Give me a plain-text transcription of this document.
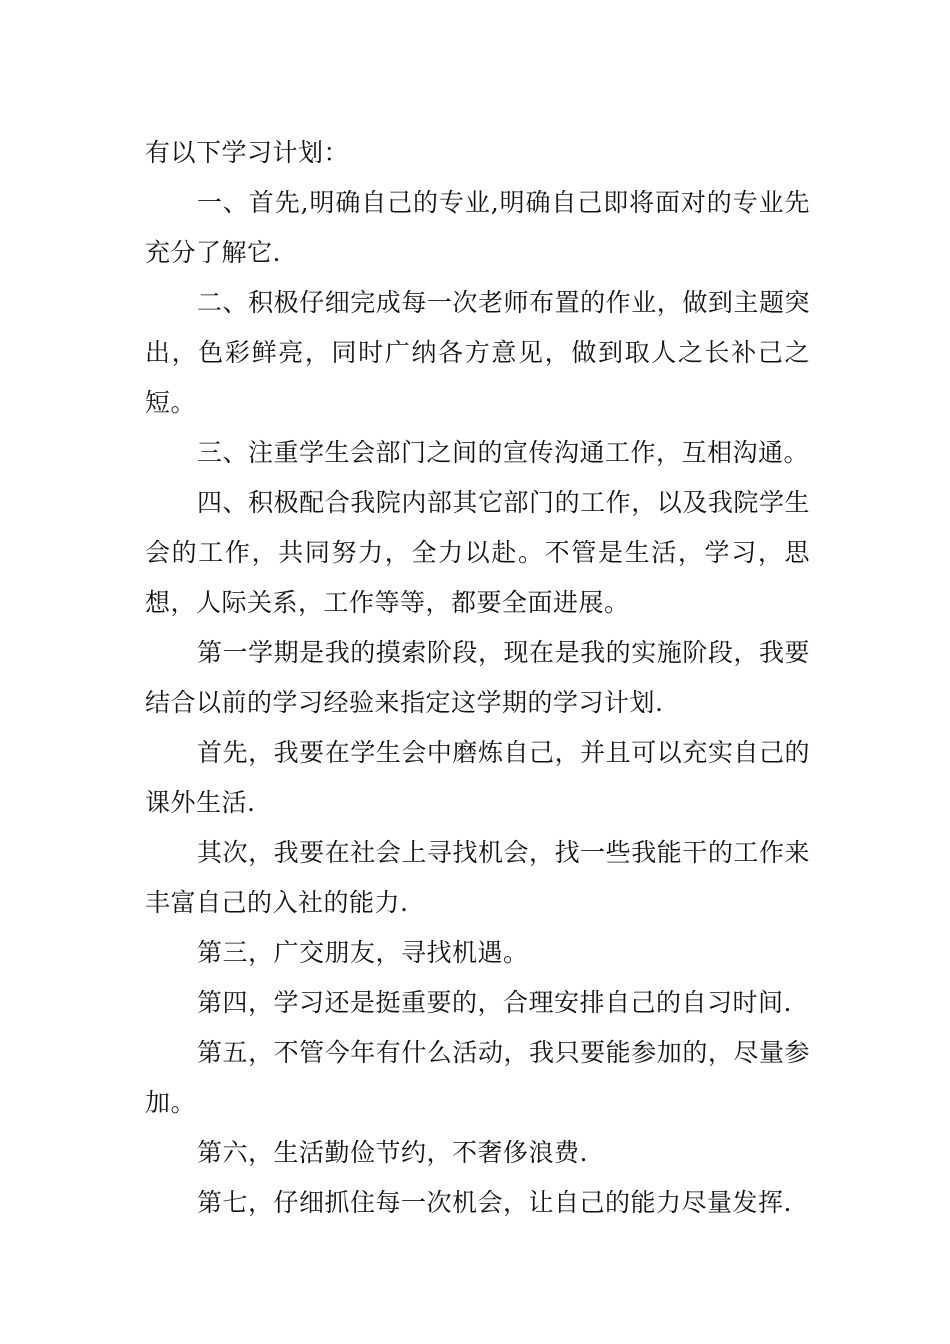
有以下学习计划：

一、首先,明确自己的专业,明确自己即将面对的专业先充分了解它.

二、积极仔细完成每一次老师布置的作业，做到主题突出，色彩鲜亮，同时广纳各方意见，做到取人之长补己之短。

三、注重学生会部门之间的宣传沟通工作，互相沟通。

四、积极配合我院内部其它部门的工作，以及我院学生会的工作，共同努力，全力以赴。不管是生活，学习，思想，人际关系，工作等等，都要全面进展。

第一学期是我的摸索阶段，现在是我的实施阶段，我要结合以前的学习经验来指定这学期的学习计划.

首先，我要在学生会中磨炼自己，并且可以充实自己的课外生活.

其次，我要在社会上寻找机会，找一些我能干的工作来丰富自己的入社的能力.

第三，广交朋友，寻找机遇。

第四，学习还是挺重要的，合理安排自己的自习时间.

第五，不管今年有什么活动，我只要能参加的，尽量参加。

第六，生活勤俭节约，不奢侈浪费.

第七，仔细抓住每一次机会，让自己的能力尽量发挥.
